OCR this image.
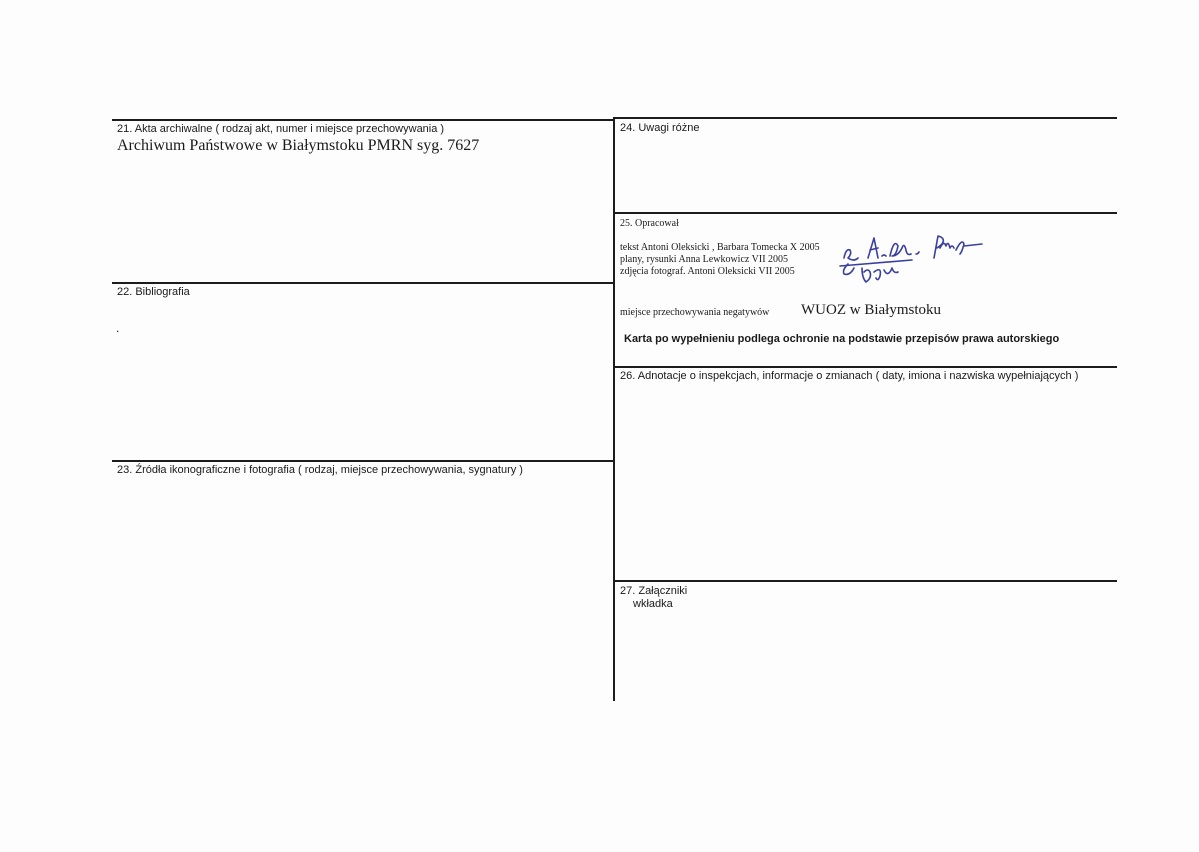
21. Akta archiwalne ( rodzaj akt, numer i miejsce przechowywania )
Archiwum Państwowe w Białymstoku PMRN syg. 7627
22. Bibliografia
.
23. Źródła ikonograficzne i fotografia ( rodzaj, miejsce przechowywania, sygnatury )
24. Uwagi różne
25. Opracował
tekst Antoni Oleksicki , Barbara Tomecka X 2005
plany, rysunki Anna Lewkowicz VII 2005
zdjęcia fotograf. Antoni Oleksicki VII 2005
miejsce przechowywania negatywów WUOZ w Białymstoku
Karta po wypełnieniu podlega ochronie na podstawie przepisów prawa autorskiego
26. Adnotacje o inspekcjach, informacje o zmianach ( daty, imiona i nazwiska wypełniających )
27. Załączniki
wkładka
